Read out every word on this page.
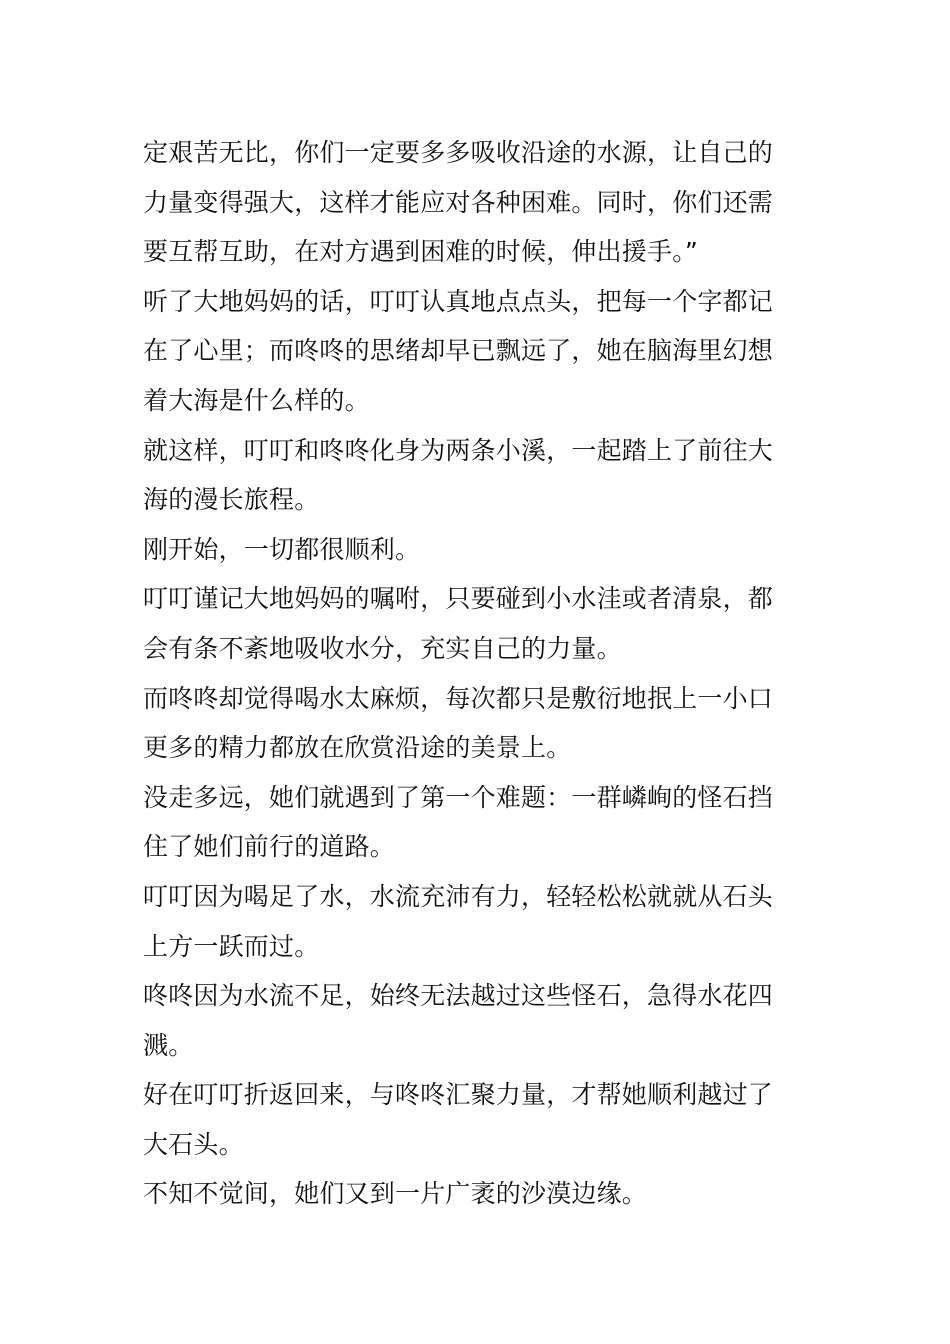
定艰苦无比，你们一定要多多吸收沿途的水源，让自己的
力量变得强大，这样才能应对各种困难。同时，你们还需
要互帮互助，在对方遇到困难的时候，伸出援手。”

听了大地妈妈的话，叮叮认真地点点头，把每一个字都记
在了心里；而咚咚的思绪却早已飘远了，她在脑海里幻想
着大海是什么样的。

就这样，叮叮和咚咚化身为两条小溪，一起踏上了前往大
海的漫长旅程。

刚开始，一切都很顺利。

叮叮谨记大地妈妈的嘱咐，只要碰到小水洼或者清泉，都
会有条不紊地吸收水分，充实自己的力量。

而咚咚却觉得喝水太麻烦，每次都只是敷衍地抿上一小口
更多的精力都放在欣赏沿途的美景上。

没走多远，她们就遇到了第一个难题：一群嶙峋的怪石挡
住了她们前行的道路。

叮叮因为喝足了水，水流充沛有力，轻轻松松就就从石头
上方一跃而过。

咚咚因为水流不足，始终无法越过这些怪石，急得水花四
溅。

好在叮叮折返回来，与咚咚汇聚力量，才帮她顺利越过了
大石头。

不知不觉间，她们又到一片广袤的沙漠边缘。
